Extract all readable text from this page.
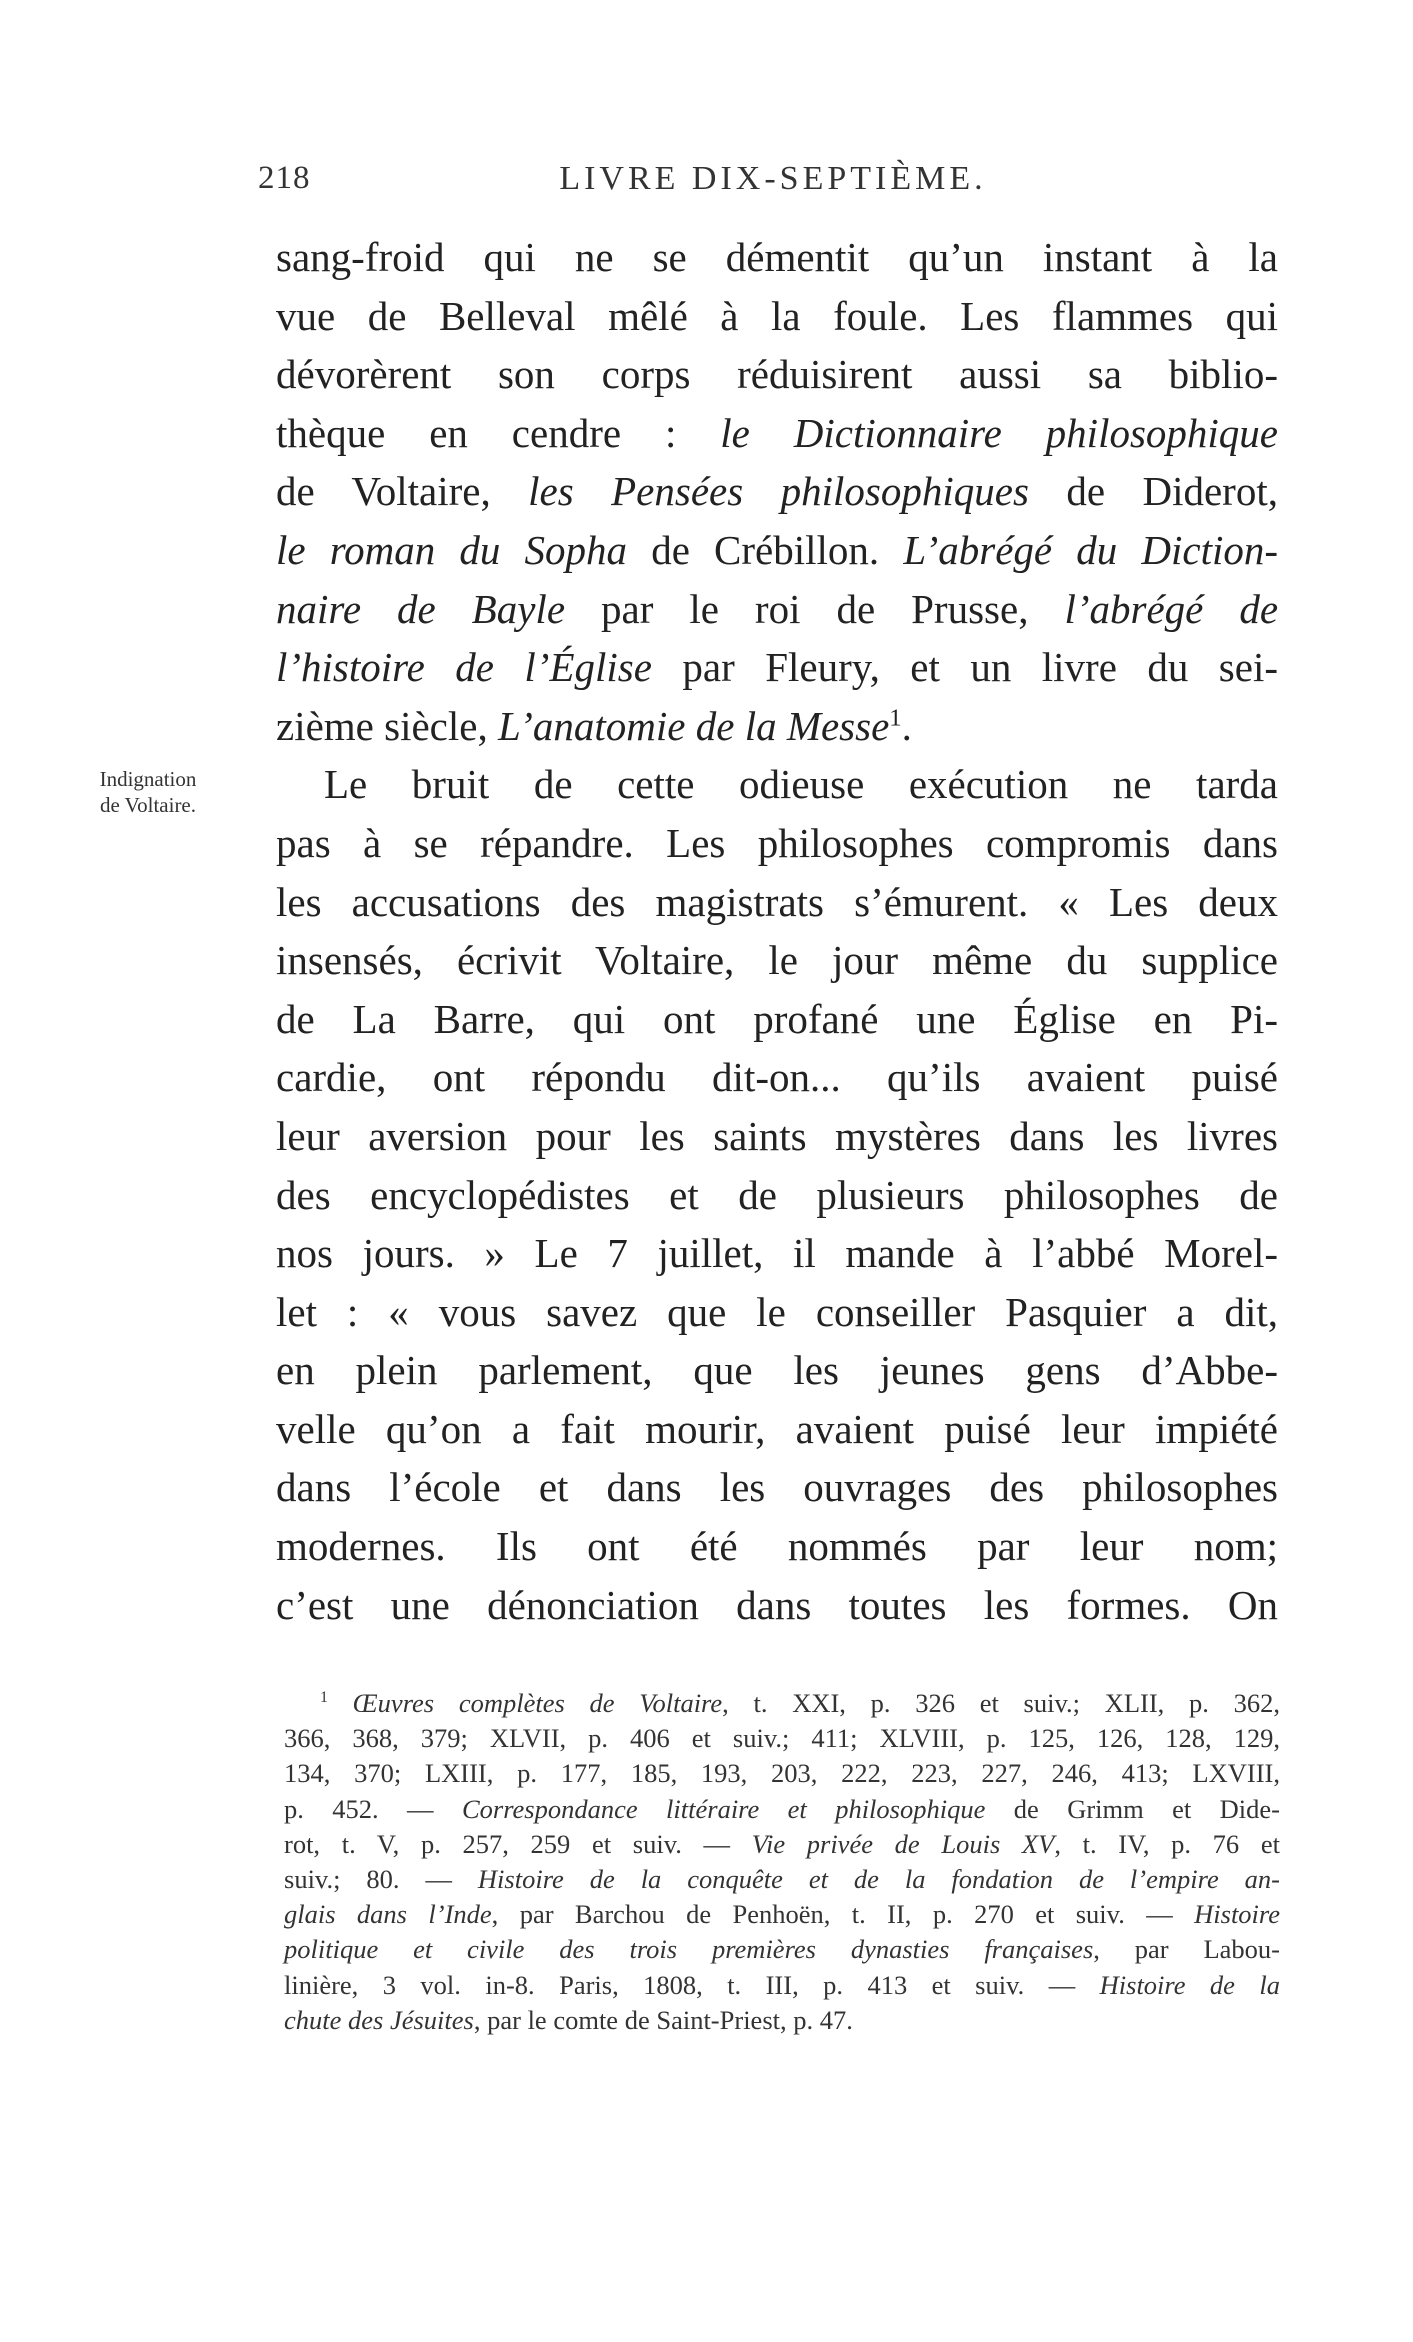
218	LIVRE DIX-SEPTIÈME.
Indignation
de Voltaire.
sang-froid qui ne se démentit qu’un instant à la
vue de Belleval mêlé à la foule. Les flammes qui
dévorèrent son corps réduisirent aussi sa biblio-
thèque en cendre : le Dictionnaire philosophique
de Voltaire, les Pensées philosophiques de Diderot,
le roman du Sopha de Crébillon. L’abrégé du Diction-
naire de Bayle par le roi de Prusse, l’abrégé de
l’histoire de l’Église par Fleury, et un livre du sei-
zième siècle, L’anatomie de la Messe$^1$.
Le bruit de cette odieuse exécution ne tarda
pas à se répandre. Les philosophes compromis dans
les accusations des magistrats s’émurent. « Les deux
insensés, écrivit Voltaire, le jour même du supplice
de La Barre, qui ont profané une Église en Pi-
cardie, ont répondu dit-on... qu’ils avaient puisé
leur aversion pour les saints mystères dans les livres
des encyclopédistes et de plusieurs philosophes de
nos jours. » Le 7 juillet, il mande à l’abbé Morel-
let : « vous savez que le conseiller Pasquier a dit,
en plein parlement, que les jeunes gens d’Abbe-
velle qu’on a fait mourir, avaient puisé leur impiété
dans l’école et dans les ouvrages des philosophes
modernes. Ils ont été nommés par leur nom;
c’est une dénonciation dans toutes les formes. On
$^1$ Œuvres complètes de Voltaire, t. XXI, p. 326 et suiv.; XLII, p. 362,
366, 368, 379; XLVII, p. 406 et suiv.; 411; XLVIII, p. 125, 126, 128, 129,
134, 370; LXIII, p. 177, 185, 193, 203, 222, 223, 227, 246, 413; LXVIII,
p. 452. — Correspondance littéraire et philosophique de Grimm et Dide-
rot, t. V, p. 257, 259 et suiv. — Vie privée de Louis XV, t. IV, p. 76 et
suiv.; 80. — Histoire de la conquête et de la fondation de l’empire an-
glais dans l’Inde, par Barchou de Penhoën, t. II, p. 270 et suiv. — Histoire
politique et civile des trois premières dynasties françaises, par Labou-
linière, 3 vol. in-8. Paris, 1808, t. III, p. 413 et suiv. — Histoire de la
chute des Jésuites, par le comte de Saint-Priest, p. 47.
